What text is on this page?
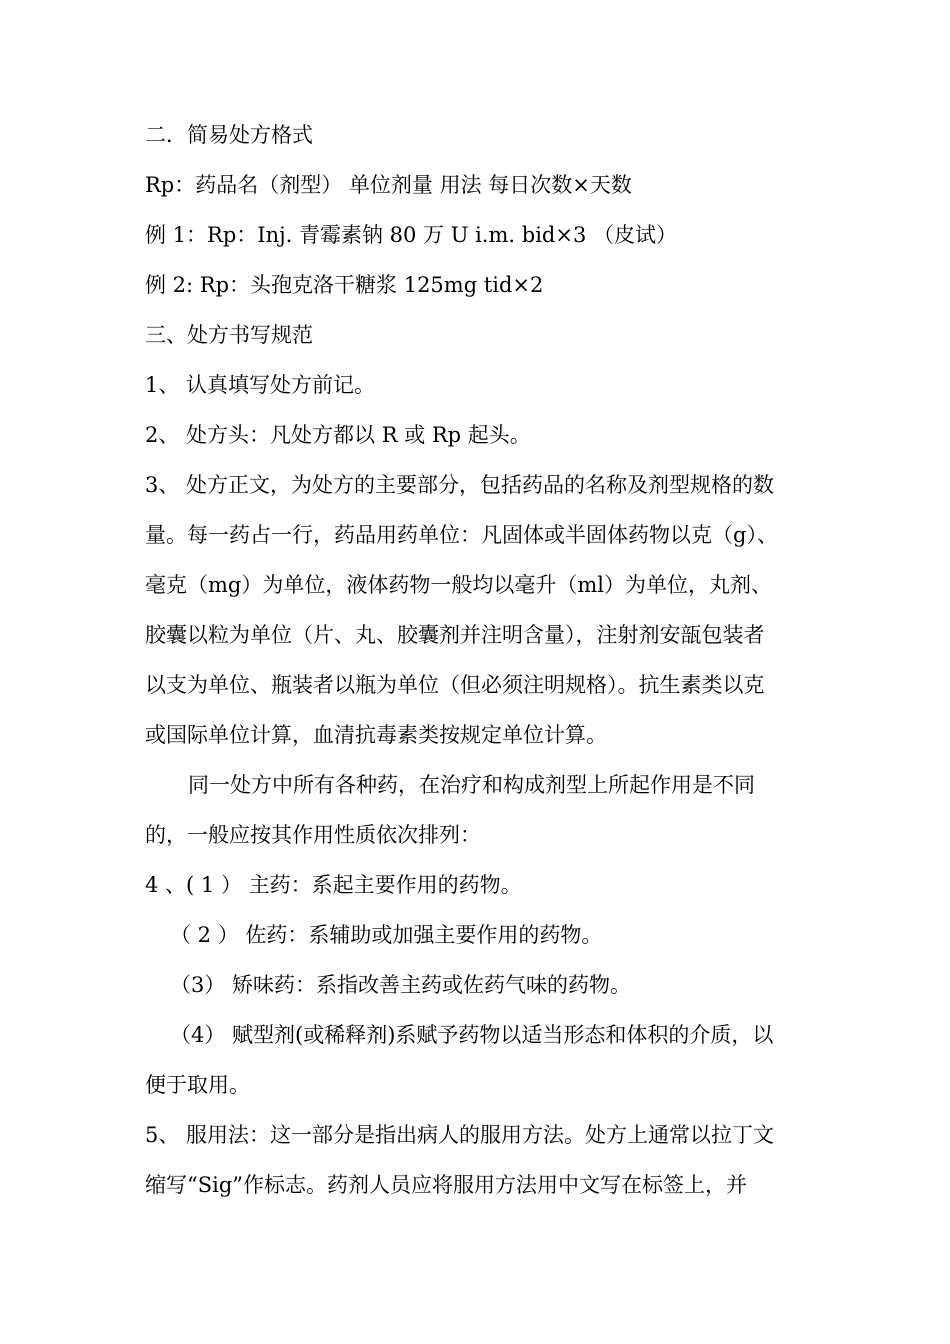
二．简易处方格式
Rp：药品名（剂型） 单位剂量 用法 每日次数×天数
例 1：Rp：Inj. 青霉素钠 80 万 U i.m. bid×3 （皮试）
例 2: Rp：头孢克洛干糖浆 125mg tid×2
三、处方书写规范
1、 认真填写处方前记。
2、 处方头：凡处方都以 R 或 Rp 起头。
3、 处方正文，为处方的主要部分，包括药品的名称及剂型规格的数
量。每一药占一行，药品用药单位：凡固体或半固体药物以克（g）、
毫克（mg）为单位，液体药物一般均以毫升（ml）为单位，丸剂、
胶囊以粒为单位（片、丸、胶囊剂并注明含量），注射剂安瓿包装者
以支为单位、瓶装者以瓶为单位（但必须注明规格）。抗生素类以克
或国际单位计算，血清抗毒素类按规定单位计算。
同一处方中所有各种药，在治疗和构成剂型上所起作用是不同
的，一般应按其作用性质依次排列：
4 、( 1 ） 主药：系起主要作用的药物。
（ 2 ） 佐药：系辅助或加强主要作用的药物。
（3） 矫味药：系指改善主药或佐药气味的药物。
（4） 赋型剂(或稀释剂)系赋予药物以适当形态和体积的介质，以
便于取用。
5、 服用法：这一部分是指出病人的服用方法。处方上通常以拉丁文
缩写“Sig”作标志。药剂人员应将服用方法用中文写在标签上，并
